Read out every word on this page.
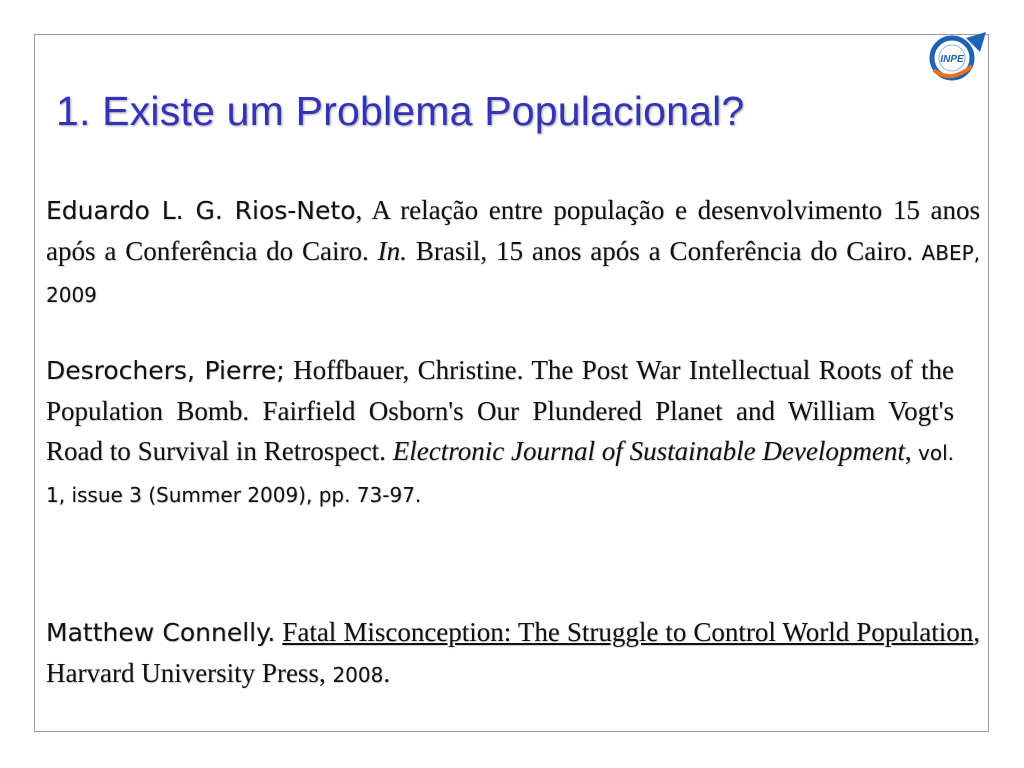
INPE
1. Existe um Problema Populacional?

Eduardo L. G. Rios-Neto, A relação entre população e desenvolvimento 15 anos após a Conferência do Cairo. In. Brasil, 15 anos após a Conferência do Cairo. ABEP, 2009

Desrochers, Pierre; Hoffbauer, Christine. The Post War Intellectual Roots of the Population Bomb. Fairfield Osborn's Our Plundered Planet and William Vogt's Road to Survival in Retrospect. Electronic Journal of Sustainable Development, vol. 1, issue 3 (Summer 2009), pp. 73-97.

Matthew Connelly. Fatal Misconception: The Struggle to Control World Population, Harvard University Press, 2008.
